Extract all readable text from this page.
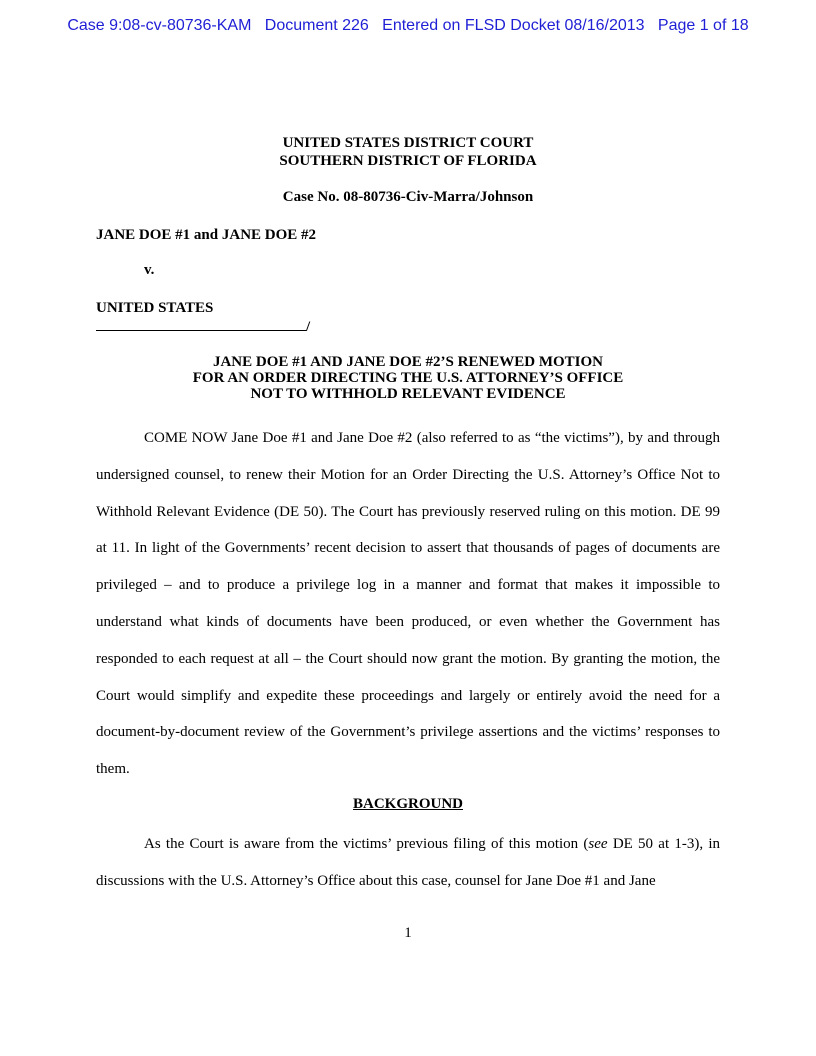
Case 9:08-cv-80736-KAM   Document 226   Entered on FLSD Docket 08/16/2013   Page 1 of 18
UNITED STATES DISTRICT COURT
SOUTHERN DISTRICT OF FLORIDA
Case No. 08-80736-Civ-Marra/Johnson
JANE DOE #1 and JANE DOE #2
v.
UNITED STATES
/
JANE DOE #1 AND JANE DOE #2’S RENEWED MOTION
FOR AN ORDER DIRECTING THE U.S. ATTORNEY’S OFFICE
NOT TO WITHHOLD RELEVANT EVIDENCE

COME NOW Jane Doe #1 and Jane Doe #2 (also referred to as “the victims”), by and through undersigned counsel, to renew their Motion for an Order Directing the U.S. Attorney’s Office Not to Withhold Relevant Evidence (DE 50). The Court has previously reserved ruling on this motion. DE 99 at 11. In light of the Governments’ recent decision to assert that thousands of pages of documents are privileged – and to produce a privilege log in a manner and format that makes it impossible to understand what kinds of documents have been produced, or even whether the Government has responded to each request at all – the Court should now grant the motion. By granting the motion, the Court would simplify and expedite these proceedings and largely or entirely avoid the need for a document-by-document review of the Government’s privilege assertions and the victims’ responses to them.

BACKGROUND

As the Court is aware from the victims’ previous filing of this motion (see DE 50 at 1-3), in discussions with the U.S. Attorney’s Office about this case, counsel for Jane Doe #1 and Jane

1
